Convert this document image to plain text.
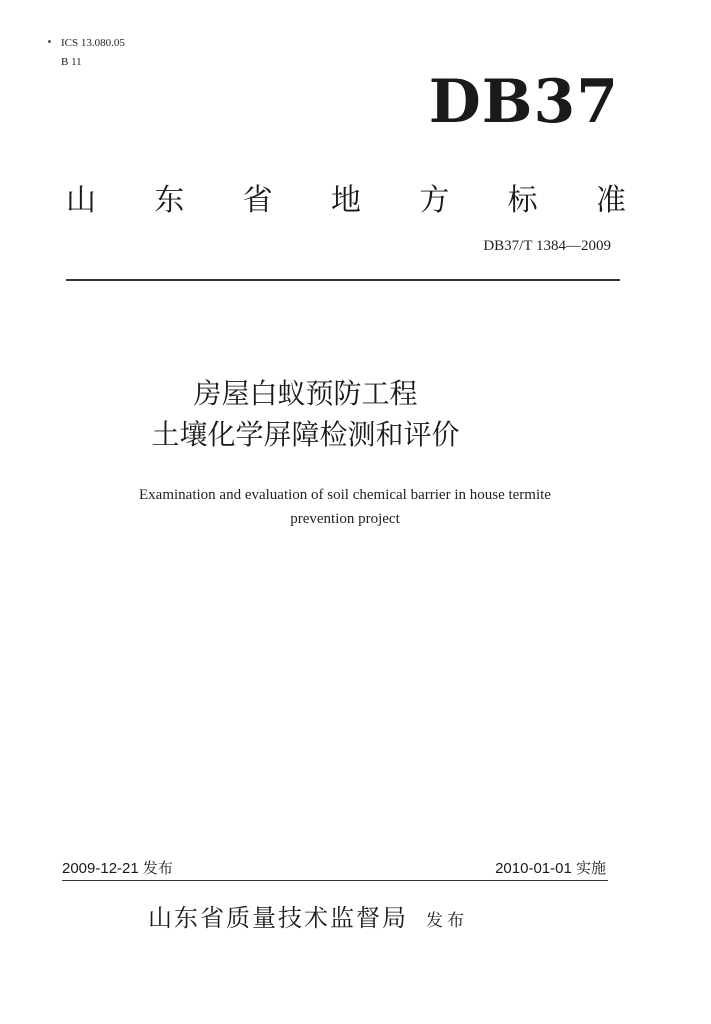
ICS 13.080.05
B 11
DB37
山 东 省 地 方 标 准
DB37/T 1384—2009
房屋白蚁预防工程
土壤化学屏障检测和评价
Examination and evaluation of soil chemical barrier in house termite
prevention project
2009-12-21 发布	2010-01-01 实施
山东省质量技术监督局 发布
